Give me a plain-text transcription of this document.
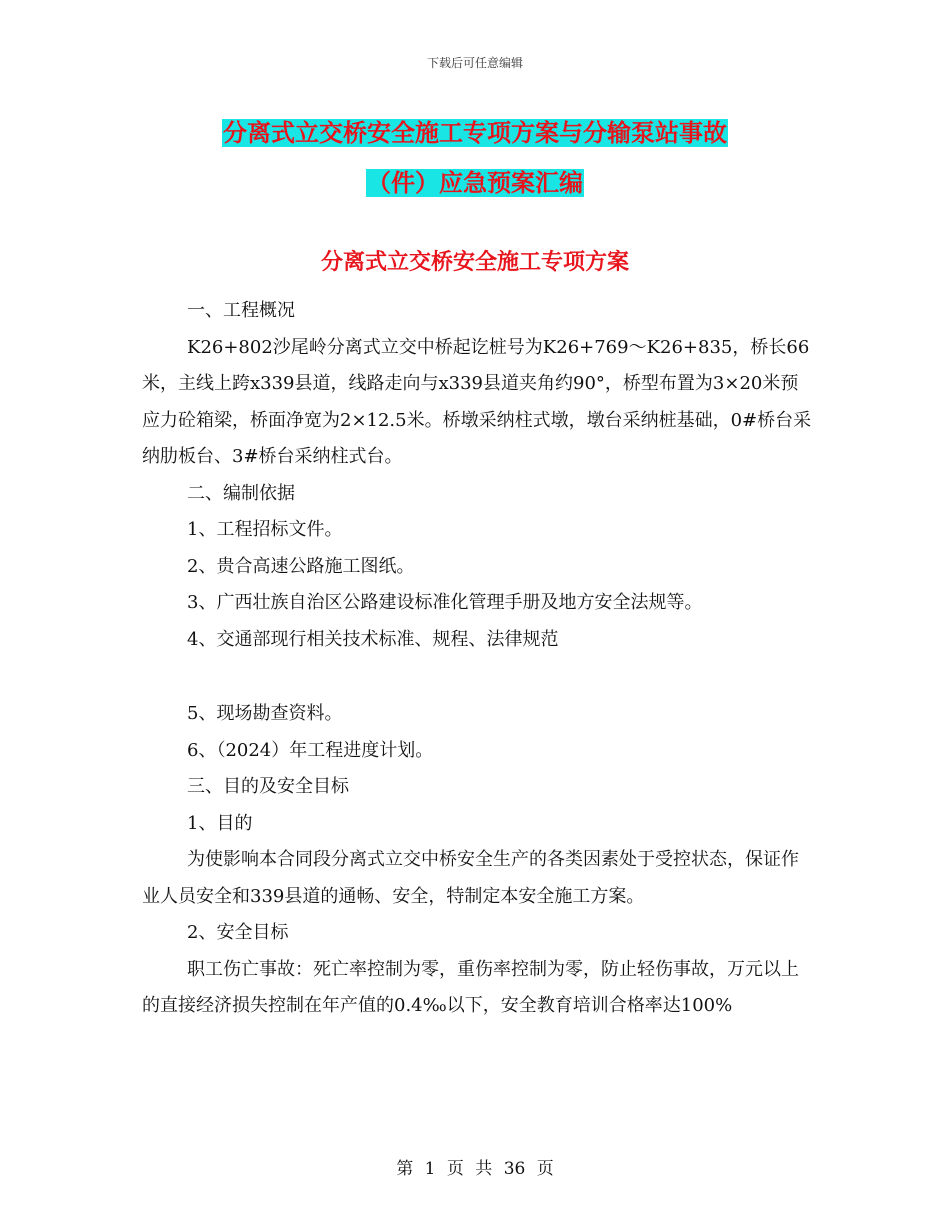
下载后可任意编辑
分离式立交桥安全施工专项方案与分输泵站事故
（件）应急预案汇编
分离式立交桥安全施工专项方案

一、工程概况

K26+802沙尾岭分离式立交中桥起讫桩号为K26+769～K26+835，桥长66米，主线上跨x339县道，线路走向与x339县道夹角约90°，桥型布置为3×20米预应力砼箱梁，桥面净宽为2×12.5米。桥墩采纳柱式墩，墩台采纳桩基础，0#桥台采纳肋板台、3#桥台采纳柱式台。

二、编制依据

1、工程招标文件。

2、贵合高速公路施工图纸。

3、广西壮族自治区公路建设标准化管理手册及地方安全法规等。

4、交通部现行相关技术标准、规程、法律规范

5、现场勘查资料。

6、（2024）年工程进度计划。

三、目的及安全目标

1、目的

为使影响本合同段分离式立交中桥安全生产的各类因素处于受控状态，保证作业人员安全和339县道的通畅、安全，特制定本安全施工方案。

2、安全目标

职工伤亡事故：死亡率控制为零，重伤率控制为零，防止轻伤事故，万元以上的直接经济损失控制在年产值的0.4‰以下，安全教育培训合格率达100%

第 1 页 共 36 页
